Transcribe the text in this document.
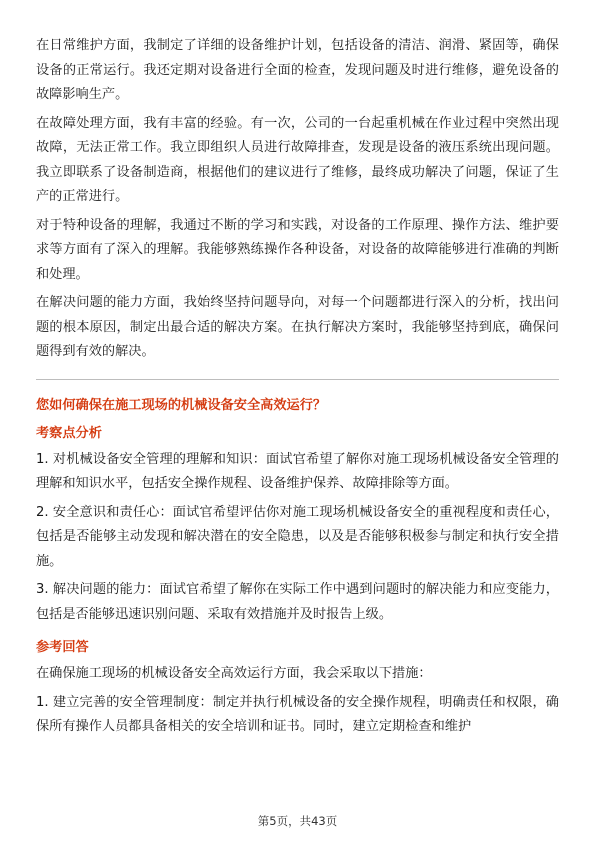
在日常维护方面，我制定了详细的设备维护计划，包括设备的清洁、润滑、紧固等，确保设备的正常运行。我还定期对设备进行全面的检查，发现问题及时进行维修，避免设备的故障影响生产。

在故障处理方面，我有丰富的经验。有一次，公司的一台起重机械在作业过程中突然出现故障，无法正常工作。我立即组织人员进行故障排查，发现是设备的液压系统出现问题。我立即联系了设备制造商，根据他们的建议进行了维修，最终成功解决了问题，保证了生产的正常进行。

对于特种设备的理解，我通过不断的学习和实践，对设备的工作原理、操作方法、维护要求等方面有了深入的理解。我能够熟练操作各种设备，对设备的故障能够进行准确的判断和处理。

在解决问题的能力方面，我始终坚持问题导向，对每一个问题都进行深入的分析，找出问题的根本原因，制定出最合适的解决方案。在执行解决方案时，我能够坚持到底，确保问题得到有效的解决。

您如何确保在施工现场的机械设备安全高效运行？
考察点分析

1. 对机械设备安全管理的理解和知识：面试官希望了解你对施工现场机械设备安全管理的理解和知识水平，包括安全操作规程、设备维护保养、故障排除等方面。

2. 安全意识和责任心：面试官希望评估你对施工现场机械设备安全的重视程度和责任心，包括是否能够主动发现和解决潜在的安全隐患，以及是否能够积极参与制定和执行安全措施。

3. 解决问题的能力：面试官希望了解你在实际工作中遇到问题时的解决能力和应变能力，包括是否能够迅速识别问题、采取有效措施并及时报告上级。

参考回答

在确保施工现场的机械设备安全高效运行方面，我会采取以下措施：

1. 建立完善的安全管理制度：制定并执行机械设备的安全操作规程，明确责任和权限，确保所有操作人员都具备相关的安全培训和证书。同时，建立定期检查和维护

第5页，共43页
